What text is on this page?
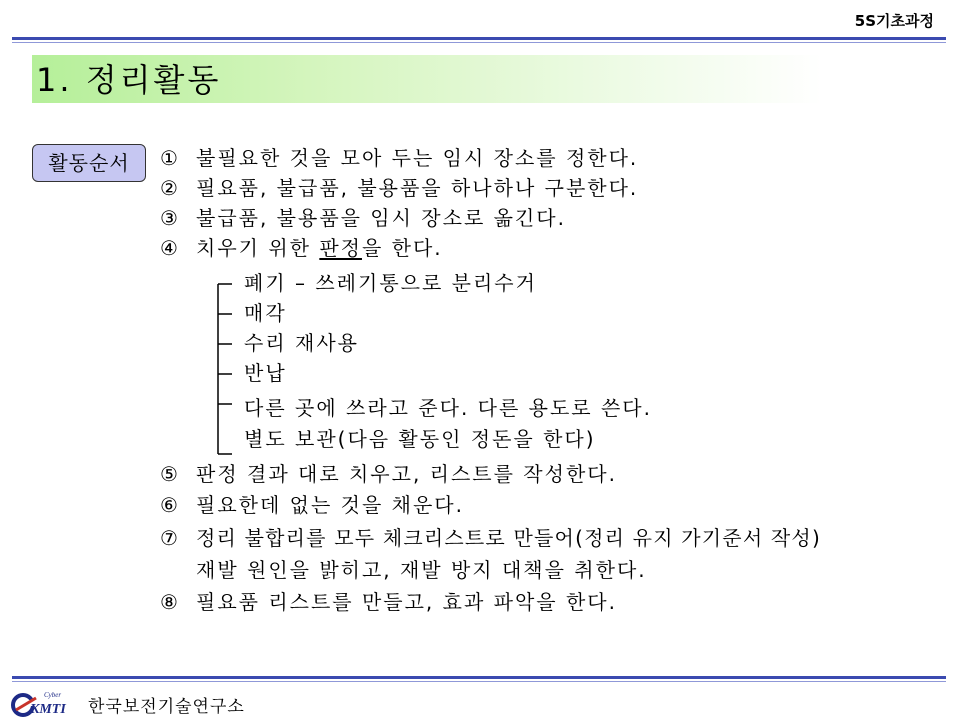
5S기초과정
1. 정리활동
활동순서	① 불필요한 것을 모아 두는 임시 장소를 정한다.
② 필요품, 불급품, 불용품을 하나하나 구분한다.
③ 불급품, 불용품을 임시 장소로 옮긴다.
④ 치우기 위한 판정을 한다.
폐기 – 쓰레기통으로 분리수거
매각
수리 재사용
반납
다른 곳에 쓰라고 준다. 다른 용도로 쓴다.
별도 보관(다음 활동인 정돈을 한다)
⑤ 판정 결과 대로 치우고, 리스트를 작성한다.
⑥ 필요한데 없는 것을 채운다.
⑦ 정리 불합리를 모두 체크리스트로 만들어(정리 유지 가기준서 작성)
재발 원인을 밝히고, 재발 방지 대책을 취한다.
⑧ 필요품 리스트를 만들고, 효과 파악을 한다.
Cyber
KMTI 한국보전기술연구소
